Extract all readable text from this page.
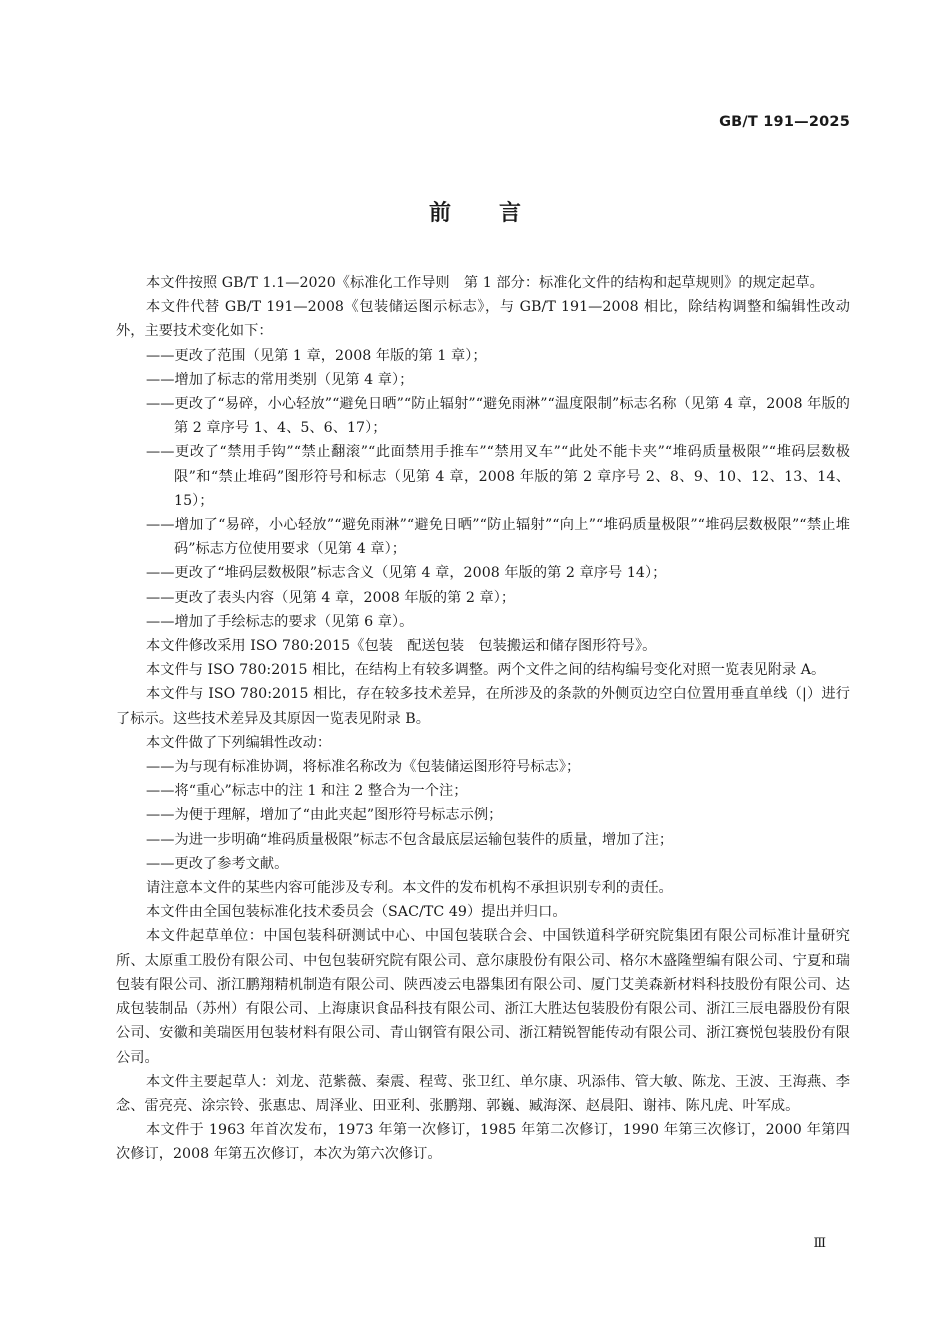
GB/T 191—2025
前言

本文件按照 GB/T 1.1—2020《标准化工作导则　第 1 部分：标准化文件的结构和起草规则》的规定起草。

本文件代替 GB/T 191—2008《包装储运图示标志》，与 GB/T 191—2008 相比，除结构调整和编辑性改动外，主要技术变化如下：

——更改了范围（见第 1 章，2008 年版的第 1 章）；

——增加了标志的常用类别（见第 4 章）；

——更改了“易碎，小心轻放”“避免日晒”“防止辐射”“避免雨淋”“温度限制”标志名称（见第 4 章，2008 年版的第 2 章序号 1、4、5、6、17）；

——更改了“禁用手钩”“禁止翻滚”“此面禁用手推车”“禁用叉车”“此处不能卡夹”“堆码质量极限”“堆码层数极限”和“禁止堆码”图形符号和标志（见第 4 章，2008 年版的第 2 章序号 2、8、9、10、12、13、14、15）；

——增加了“易碎，小心轻放”“避免雨淋”“避免日晒”“防止辐射”“向上”“堆码质量极限”“堆码层数极限”“禁止堆码”标志方位使用要求（见第 4 章）；

——更改了“堆码层数极限”标志含义（见第 4 章，2008 年版的第 2 章序号 14）；

——更改了表头内容（见第 4 章，2008 年版的第 2 章）；

——增加了手绘标志的要求（见第 6 章）。

本文件修改采用 ISO 780:2015《包装　配送包装　包装搬运和储存图形符号》。

本文件与 ISO 780:2015 相比，在结构上有较多调整。两个文件之间的结构编号变化对照一览表见附录 A。

本文件与 ISO 780:2015 相比，存在较多技术差异，在所涉及的条款的外侧页边空白位置用垂直单线（|）进行了标示。这些技术差异及其原因一览表见附录 B。

本文件做了下列编辑性改动：

——为与现有标准协调，将标准名称改为《包装储运图形符号标志》；

——将“重心”标志中的注 1 和注 2 整合为一个注；

——为便于理解，增加了“由此夹起”图形符号标志示例；

——为进一步明确“堆码质量极限”标志不包含最底层运输包装件的质量，增加了注；

——更改了参考文献。

请注意本文件的某些内容可能涉及专利。本文件的发布机构不承担识别专利的责任。

本文件由全国包装标准化技术委员会（SAC/TC 49）提出并归口。

本文件起草单位：中国包装科研测试中心、中国包装联合会、中国铁道科学研究院集团有限公司标准计量研究所、太原重工股份有限公司、中包包装研究院有限公司、意尔康股份有限公司、格尔木盛隆塑编有限公司、宁夏和瑞包装有限公司、浙江鹏翔精机制造有限公司、陕西凌云电器集团有限公司、厦门艾美森新材料科技股份有限公司、达成包装制品（苏州）有限公司、上海康识食品科技有限公司、浙江大胜达包装股份有限公司、浙江三辰电器股份有限公司、安徽和美瑞医用包装材料有限公司、青山钢管有限公司、浙江精锐智能传动有限公司、浙江赛悦包装股份有限公司。

本文件主要起草人：刘龙、范紫薇、秦震、程莺、张卫红、单尔康、巩添伟、管大敏、陈龙、王波、王海燕、李念、雷亮亮、涂宗铃、张惠忠、周泽业、田亚利、张鹏翔、郭巍、臧海深、赵晨阳、谢祎、陈凡虎、叶军成。

本文件于 1963 年首次发布，1973 年第一次修订，1985 年第二次修订，1990 年第三次修订，2000 年第四次修订，2008 年第五次修订，本次为第六次修订。

Ⅲ
